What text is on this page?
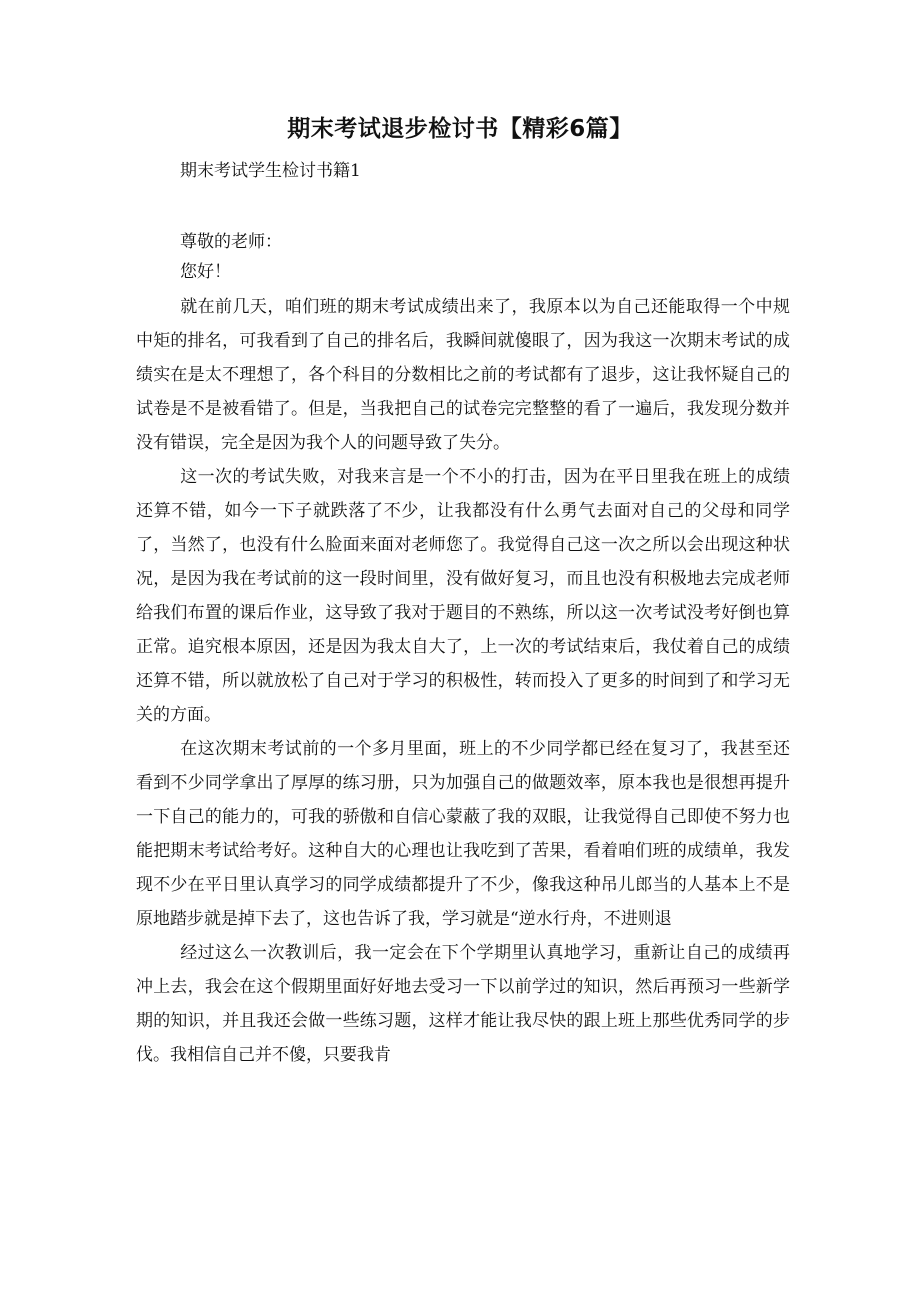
期末考试退步检讨书【精彩6篇】

期末考试学生检讨书籍1

尊敬的老师：

您好！

就在前几天，咱们班的期末考试成绩出来了，我原本以为自己还能取得一个中规中矩的排名，可我看到了自己的排名后，我瞬间就傻眼了，因为我这一次期末考试的成绩实在是太不理想了，各个科目的分数相比之前的考试都有了退步，这让我怀疑自己的试卷是不是被看错了。但是，当我把自己的试卷完完整整的看了一遍后，我发现分数并没有错误，完全是因为我个人的问题导致了失分。

这一次的考试失败，对我来言是一个不小的打击，因为在平日里我在班上的成绩还算不错，如今一下子就跌落了不少，让我都没有什么勇气去面对自己的父母和同学了，当然了，也没有什么脸面来面对老师您了。我觉得自己这一次之所以会出现这种状况，是因为我在考试前的这一段时间里，没有做好复习，而且也没有积极地去完成老师给我们布置的课后作业，这导致了我对于题目的不熟练，所以这一次考试没考好倒也算正常。追究根本原因，还是因为我太自大了，上一次的考试结束后，我仗着自己的成绩还算不错，所以就放松了自己对于学习的积极性，转而投入了更多的时间到了和学习无关的方面。

在这次期末考试前的一个多月里面，班上的不少同学都已经在复习了，我甚至还看到不少同学拿出了厚厚的练习册，只为加强自己的做题效率，原本我也是很想再提升一下自己的能力的，可我的骄傲和自信心蒙蔽了我的双眼，让我觉得自己即使不努力也能把期末考试给考好。这种自大的心理也让我吃到了苦果，看着咱们班的成绩单，我发现不少在平日里认真学习的同学成绩都提升了不少，像我这种吊儿郎当的人基本上不是原地踏步就是掉下去了，这也告诉了我，学习就是“逆水行舟，不进则退

经过这么一次教训后，我一定会在下个学期里认真地学习，重新让自己的成绩再冲上去，我会在这个假期里面好好地去受习一下以前学过的知识，然后再预习一些新学期的知识，并且我还会做一些练习题，这样才能让我尽快的跟上班上那些优秀同学的步伐。我相信自己并不傻，只要我肯
